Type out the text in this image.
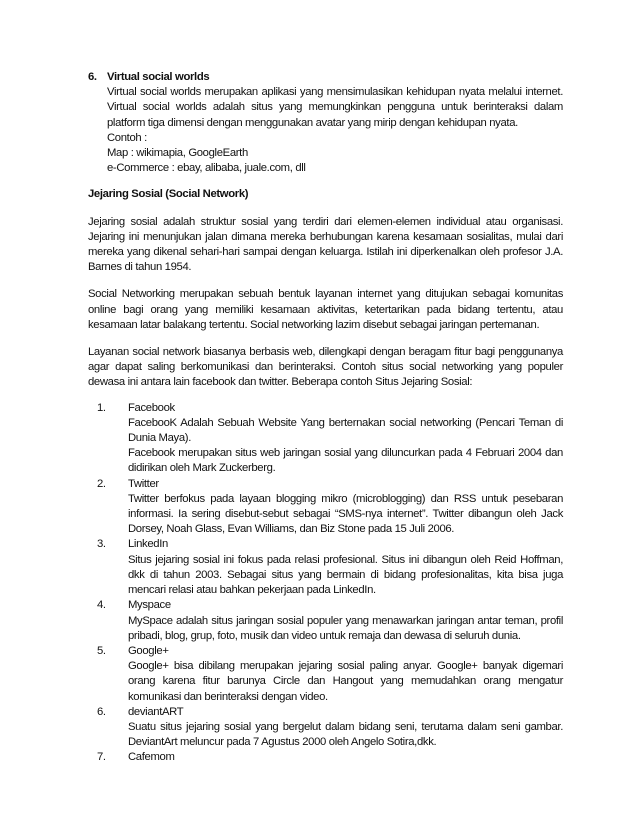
6. Virtual social worlds

Virtual social worlds merupakan aplikasi yang mensimulasikan kehidupan nyata melalui internet. Virtual social worlds adalah situs yang memungkinkan pengguna untuk berinteraksi dalam platform tiga dimensi dengan menggunakan avatar yang mirip dengan kehidupan nyata.

Contoh :

Map : wikimapia, GoogleEarth

e-Commerce : ebay, alibaba, juale.com, dll

Jejaring Sosial (Social Network)

Jejaring sosial adalah struktur sosial yang terdiri dari elemen-elemen individual atau organisasi. Jejaring ini menunjukan jalan dimana mereka berhubungan karena kesamaan sosialitas, mulai dari mereka yang dikenal sehari-hari sampai dengan keluarga. Istilah ini diperkenalkan oleh profesor J.A. Barnes di tahun 1954.

Social Networking merupakan sebuah bentuk layanan internet yang ditujukan sebagai komunitas online bagi orang yang memiliki kesamaan aktivitas, ketertarikan pada bidang tertentu, atau kesamaan latar balakang tertentu. Social networking lazim disebut sebagai jaringan pertemanan.

Layanan social network biasanya berbasis web, dilengkapi dengan beragam fitur bagi penggunanya agar dapat saling berkomunikasi dan berinteraksi. Contoh situs social networking yang populer dewasa ini antara lain facebook dan twitter. Beberapa contoh Situs Jejaring Sosial:

1.	Facebook
FacebooK Adalah Sebuah Website Yang berternakan social networking (Pencari Teman di Dunia Maya).
Facebook merupakan situs web jaringan sosial yang diluncurkan pada 4 Februari 2004 dan didirikan oleh Mark Zuckerberg.
2.	Twitter
Twitter berfokus pada layaan blogging mikro (microblogging) dan RSS untuk pesebaran informasi. Ia sering disebut-sebut sebagai “SMS-nya internet”. Twitter dibangun oleh Jack Dorsey, Noah Glass, Evan Williams, dan Biz Stone pada 15 Juli 2006.
3.	LinkedIn
Situs jejaring sosial ini fokus pada relasi profesional. Situs ini dibangun oleh Reid Hoffman, dkk di tahun 2003. Sebagai situs yang bermain di bidang profesionalitas, kita bisa juga mencari relasi atau bahkan pekerjaan pada LinkedIn.
4.	Myspace
MySpace adalah situs jaringan sosial populer yang menawarkan jaringan antar teman, profil pribadi, blog, grup, foto, musik dan video untuk remaja dan dewasa di seluruh dunia.
5.	Google+
Google+ bisa dibilang merupakan jejaring sosial paling anyar. Google+ banyak digemari orang karena fitur barunya Circle dan Hangout yang memudahkan orang mengatur komunikasi dan berinteraksi dengan video.
6.	deviantART
Suatu situs jejaring sosial yang bergelut dalam bidang seni, terutama dalam seni gambar. DeviantArt meluncur pada 7 Agustus 2000 oleh Angelo Sotira,dkk.
7.	Cafemom
